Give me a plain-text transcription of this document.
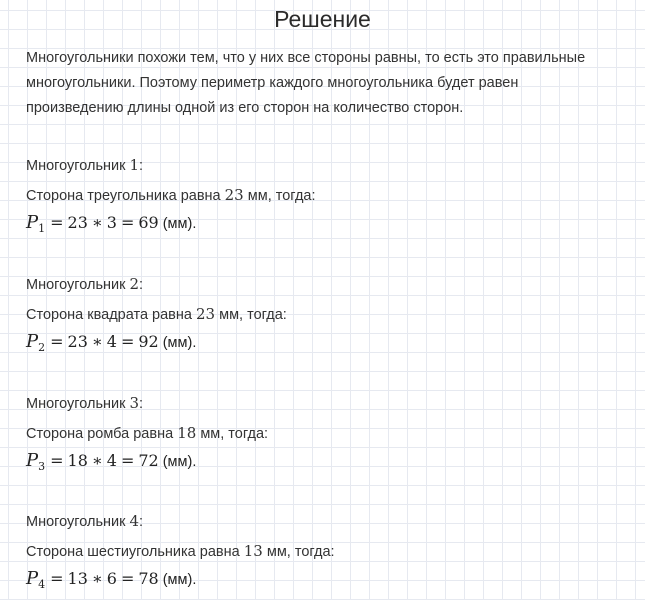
Решение

Многоугольники похожи тем, что у них все стороны равны, то есть это правильные
многоугольники. Поэтому периметр каждого многоугольника будет равен
произведению длины одной из его сторон на количество сторон.

Многоугольник 1:
Сторона треугольника равна 23 мм, тогда:
$P_1 = 23$ ∗ 3 = 69 (мм).
Многоугольник 2:
Сторона квадрата равна 23 мм, тогда:
$P_2 = 23$ ∗ 4 = 92 (мм).
Многоугольник 3:
Сторона ромба равна 18 мм, тогда:
$P_3 = 18$ ∗ 4 = 72 (мм).
Многоугольник 4:
Сторона шестиугольника равна 13 мм, тогда:
$P_4 = 13$ ∗ 6 = 78 (мм).
